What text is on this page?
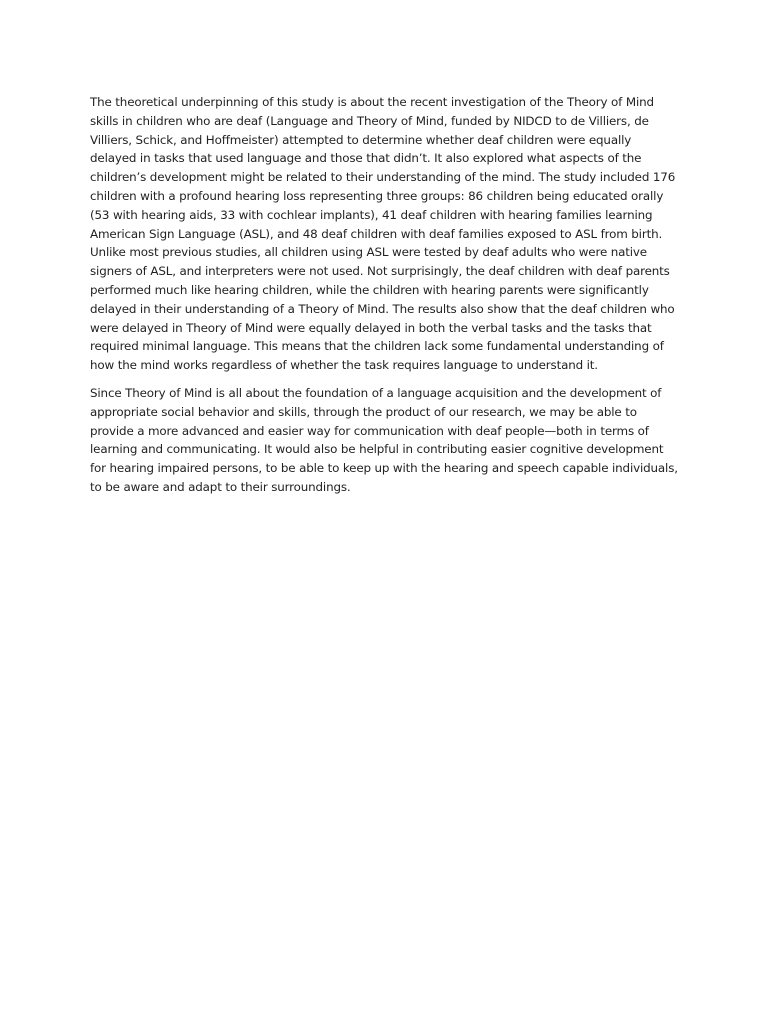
The theoretical underpinning of this study is about the recent investigation of the Theory of Mind skills in children who are deaf (Language and Theory of Mind, funded by NIDCD to de Villiers, de Villiers, Schick, and Hoffmeister) attempted to determine whether deaf children were equally delayed in tasks that used language and those that didn’t. It also explored what aspects of the children’s development might be related to their understanding of the mind. The study included 176 children with a profound hearing loss representing three groups: 86 children being educated orally (53 with hearing aids, 33 with cochlear implants), 41 deaf children with hearing families learning American Sign Language (ASL), and 48 deaf children with deaf families exposed to ASL from birth. Unlike most previous studies, all children using ASL were tested by deaf adults who were native signers of ASL, and interpreters were not used. Not surprisingly, the deaf children with deaf parents performed much like hearing children, while the children with hearing parents were significantly delayed in their understanding of a Theory of Mind. The results also show that the deaf children who were delayed in Theory of Mind were equally delayed in both the verbal tasks and the tasks that required minimal language. This means that the children lack some fundamental understanding of how the mind works regardless of whether the task requires language to understand it.

Since Theory of Mind is all about the foundation of a language acquisition and the development of appropriate social behavior and skills, through the product of our research, we may be able to provide a more advanced and easier way for communication with deaf people—both in terms of learning and communicating. It would also be helpful in contributing easier cognitive development for hearing impaired persons, to be able to keep up with the hearing and speech capable individuals, to be aware and adapt to their surroundings.
